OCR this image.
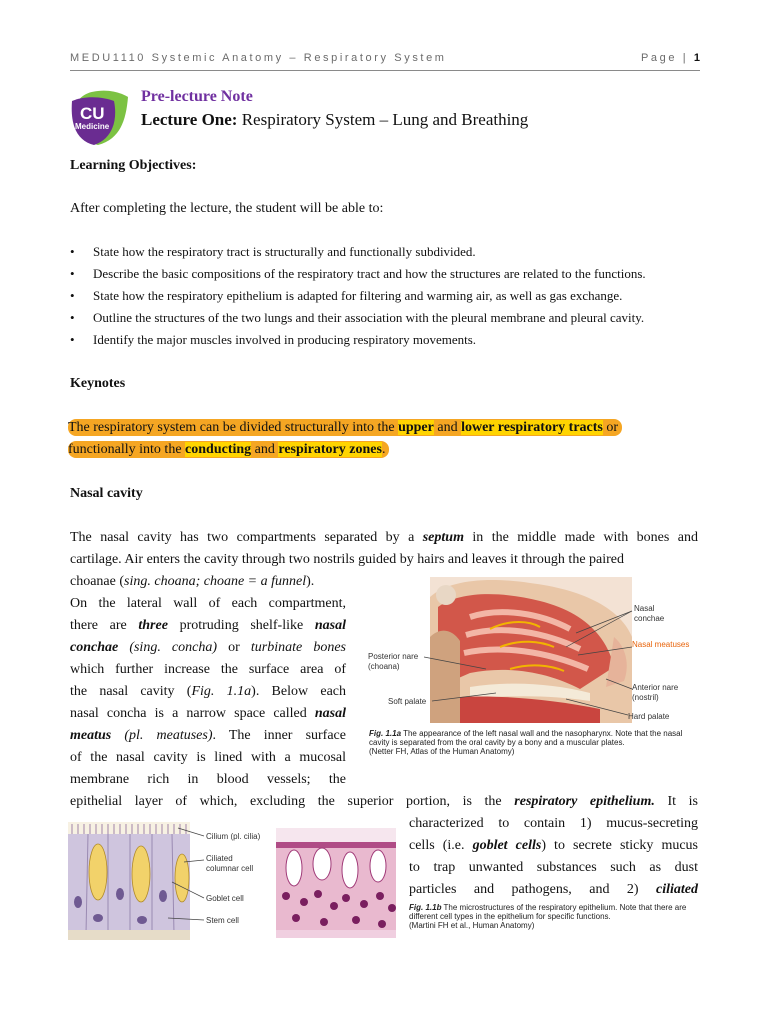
MEDU1110 Systemic Anatomy – Respiratory System	Page | 1
CU
Medicine
Pre-lecture Note
Lecture One: Respiratory System – Lung and Breathing
Learning Objectives:
After completing the lecture, the student will be able to:
• State how the respiratory tract is structurally and functionally subdivided.
• Describe the basic compositions of the respiratory tract and how the structures are related to the functions.
• State how the respiratory epithelium is adapted for filtering and warming air, as well as gas exchange.
• Outline the structures of the two lungs and their association with the pleural membrane and pleural cavity.
• Identify the major muscles involved in producing respiratory movements.
Keynotes
The respiratory system can be divided structurally into the upper and lower respiratory tracts or
functionally into the conducting and respiratory zones.
Nasal cavity
The nasal cavity has two compartments separated by a septum in the middle made with bones and
cartilage. Air enters the cavity through two nostrils guided by hairs and leaves it through the paired
choanae (sing. choana; choane = a funnel).
On the lateral wall of each compartment,
there are three protruding shelf-like nasal
conchae (sing. concha) or turbinate bones
which further increase the surface area of
the nasal cavity (Fig. 1.1a). Below each
nasal concha is a narrow space called nasal
meatus (pl. meatuses). The inner surface
of the nasal cavity is lined with a mucosal
membrane rich in blood vessels; the
epithelial layer of which, excluding the superior portion, is the respiratory epithelium. It is
characterized to contain 1) mucus-secreting
cells (i.e. goblet cells) to secrete sticky mucus
to trap unwanted substances such as dust
particles and pathogens, and 2) ciliated
Nasal
conchae
Nasal meatuses
Posterior nare
(choana)
Soft palate
Anterior nare
(nostril)
Hard palate
Fig. 1.1a The appearance of the left nasal wall and the nasopharynx. Note that the nasal cavity is separated from the oral cavity by a bony and a muscular plates.
(Netter FH, Atlas of the Human Anatomy)
Cilium (pl. cilia)
Ciliated
columnar cell
Goblet cell
Stem cell
Fig. 1.1b The microstructures of the respiratory epithelium. Note that there are different cell types in the epithelium for specific functions.
(Martini FH et al., Human Anatomy)
